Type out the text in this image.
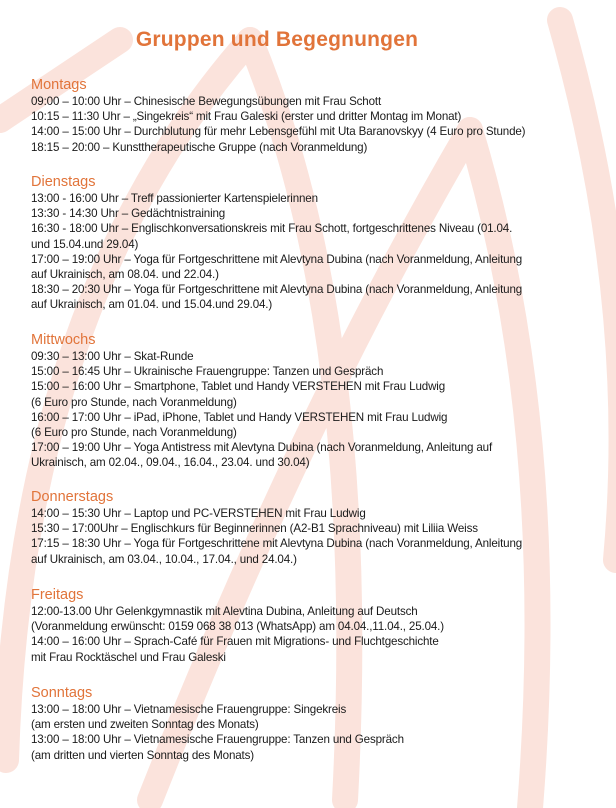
Gruppen und Begegnungen
Montags
09:00 – 10:00 Uhr – Chinesische Bewegungsübungen mit Frau Schott
10:15 – 11:30 Uhr – „Singekreis“ mit Frau Galeski (erster und dritter Montag im Monat)
14:00 – 15:00 Uhr – Durchblutung für mehr Lebensgefühl mit Uta Baranovskyy (4 Euro pro Stunde)
18:15 – 20:00 – Kunsttherapeutische Gruppe (nach Voranmeldung)
Dienstags
13:00 - 16:00 Uhr – Treff passionierter Kartenspielerinnen
13:30 - 14:30 Uhr – Gedächtnistraining
16:30 - 18:00 Uhr – Englischkonversationskreis mit Frau Schott, fortgeschrittenes Niveau (01.04.
und 15.04.und 29.04)
17:00 – 19:00 Uhr – Yoga für Fortgeschrittene mit Alevtyna Dubina (nach Voranmeldung, Anleitung
auf Ukrainisch, am 08.04. und 22.04.)
18:30 – 20:30 Uhr – Yoga für Fortgeschrittene mit Alevtyna Dubina (nach Voranmeldung, Anleitung
auf Ukrainisch, am 01.04. und 15.04.und 29.04.)
Mittwochs
09:30 – 13:00 Uhr – Skat-Runde
15:00 – 16:45 Uhr – Ukrainische Frauengruppe: Tanzen und Gespräch
15:00 – 16:00 Uhr – Smartphone, Tablet und Handy VERSTEHEN mit Frau Ludwig
(6 Euro pro Stunde, nach Voranmeldung)
16:00 – 17:00 Uhr – iPad, iPhone, Tablet und Handy VERSTEHEN mit Frau Ludwig
(6 Euro pro Stunde, nach Voranmeldung)
17:00 – 19:00 Uhr – Yoga Antistress mit Alevtyna Dubina (nach Voranmeldung, Anleitung auf
Ukrainisch, am 02.04., 09.04., 16.04., 23.04. und 30.04)
Donnerstags
14:00 – 15:30 Uhr – Laptop und PC-VERSTEHEN mit Frau Ludwig
15:30 – 17:00Uhr – Englischkurs für Beginnerinnen (A2-B1 Sprachniveau) mit Liliia Weiss
17:15 – 18:30 Uhr – Yoga für Fortgeschrittene mit Alevtyna Dubina (nach Voranmeldung, Anleitung
auf Ukrainisch, am 03.04., 10.04., 17.04., und 24.04.)
Freitags
12:00-13.00 Uhr Gelenkgymnastik mit Alevtina Dubina, Anleitung auf Deutsch
(Voranmeldung erwünscht: 0159 068 38 013 (WhatsApp) am 04.04.,11.04., 25.04.)
14:00 – 16:00 Uhr – Sprach-Café für Frauen mit Migrations- und Fluchtgeschichte
mit Frau Rocktäschel und Frau Galeski
Sonntags
13:00 – 18:00 Uhr – Vietnamesische Frauengruppe: Singekreis
(am ersten und zweiten Sonntag des Monats)
13:00 – 18:00 Uhr – Vietnamesische Frauengruppe: Tanzen und Gespräch
(am dritten und vierten Sonntag des Monats)
